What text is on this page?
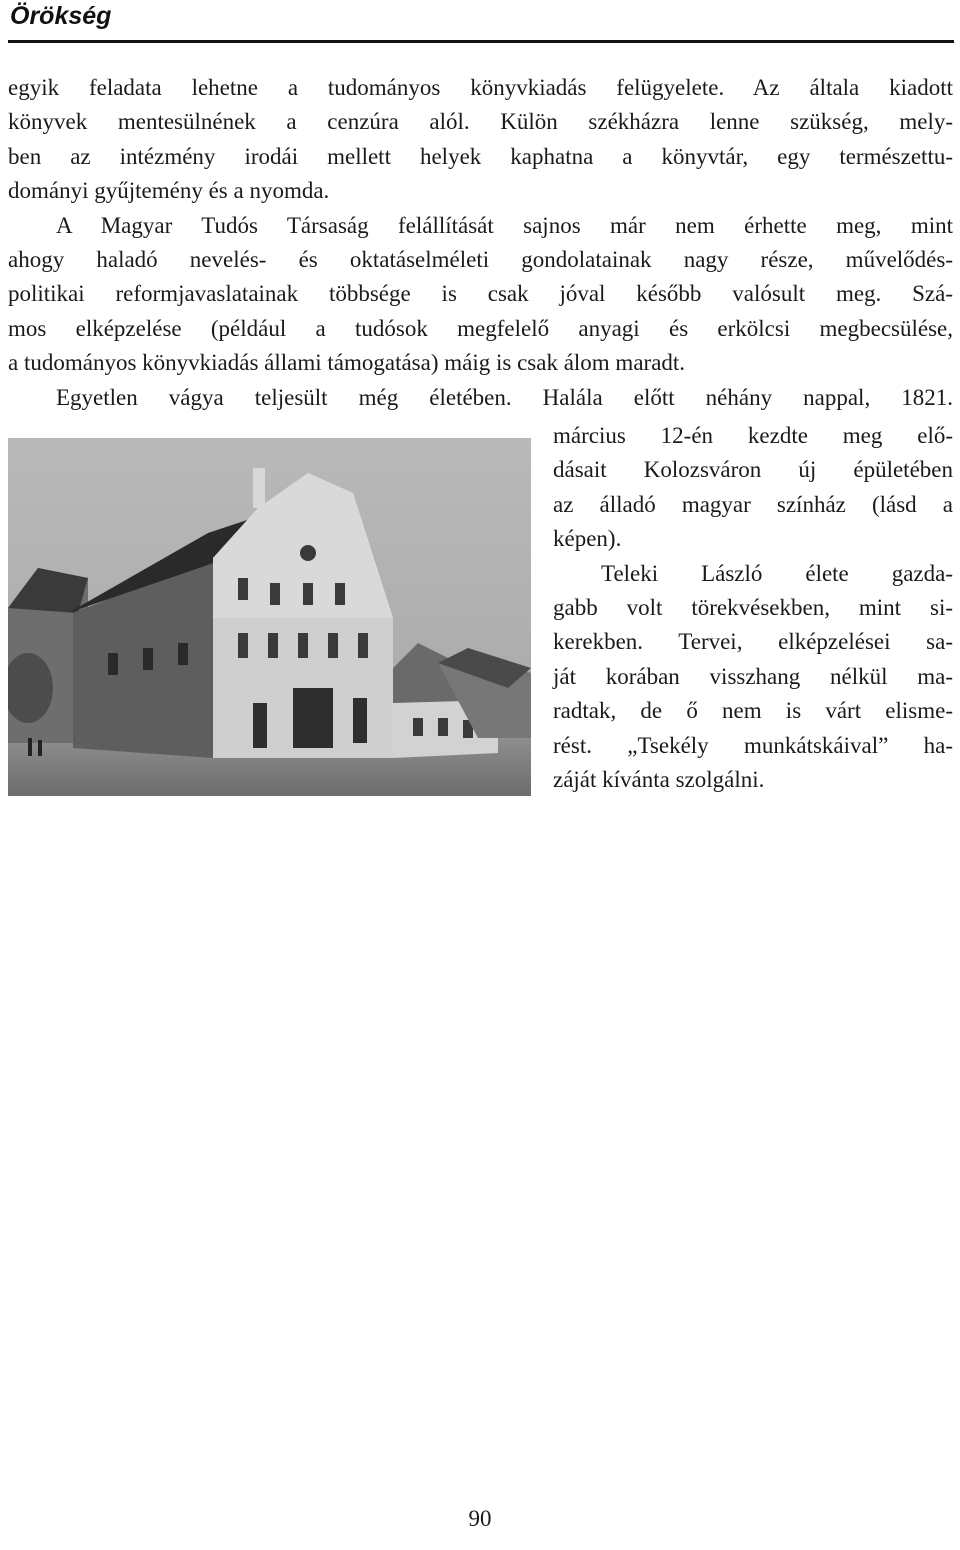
Örökség
egyik feladata lehetne a tudományos könyvkiadás felügyelete. Az általa kiadott
könyvek mentesülnének a cenzúra alól. Külön székházra lenne szükség, mely-
ben az intézmény irodái mellett helyek kaphatna a könyvtár, egy természettu-
dományi gyűjtemény és a nyomda.
A Magyar Tudós Társaság felállítását sajnos már nem érhette meg, mint
ahogy haladó nevelés- és oktatáselméleti gondolatainak nagy része, művelődés-
politikai reformjavaslatainak többsége is csak jóval később valósult meg. Szá-
mos elképzelése (például a tudósok megfelelő anyagi és erkölcsi megbecsülése,
a tudományos könyvkiadás állami támogatása) máig is csak álom maradt.
Egyetlen vágya teljesült még életében. Halála előtt néhány nappal, 1821.
március 12-én kezdte meg elő-
dásait Kolozsváron új épületében
az álladó magyar színház (lásd a
képen).
Teleki László élete gazda-
gabb volt törekvésekben, mint si-
kerekben. Tervei, elképzelései sa-
ját korában visszhang nélkül ma-
radtak, de ő nem is várt elisme-
rést. „Tsekély munkátskáival” ha-
záját kívánta szolgálni.
90
